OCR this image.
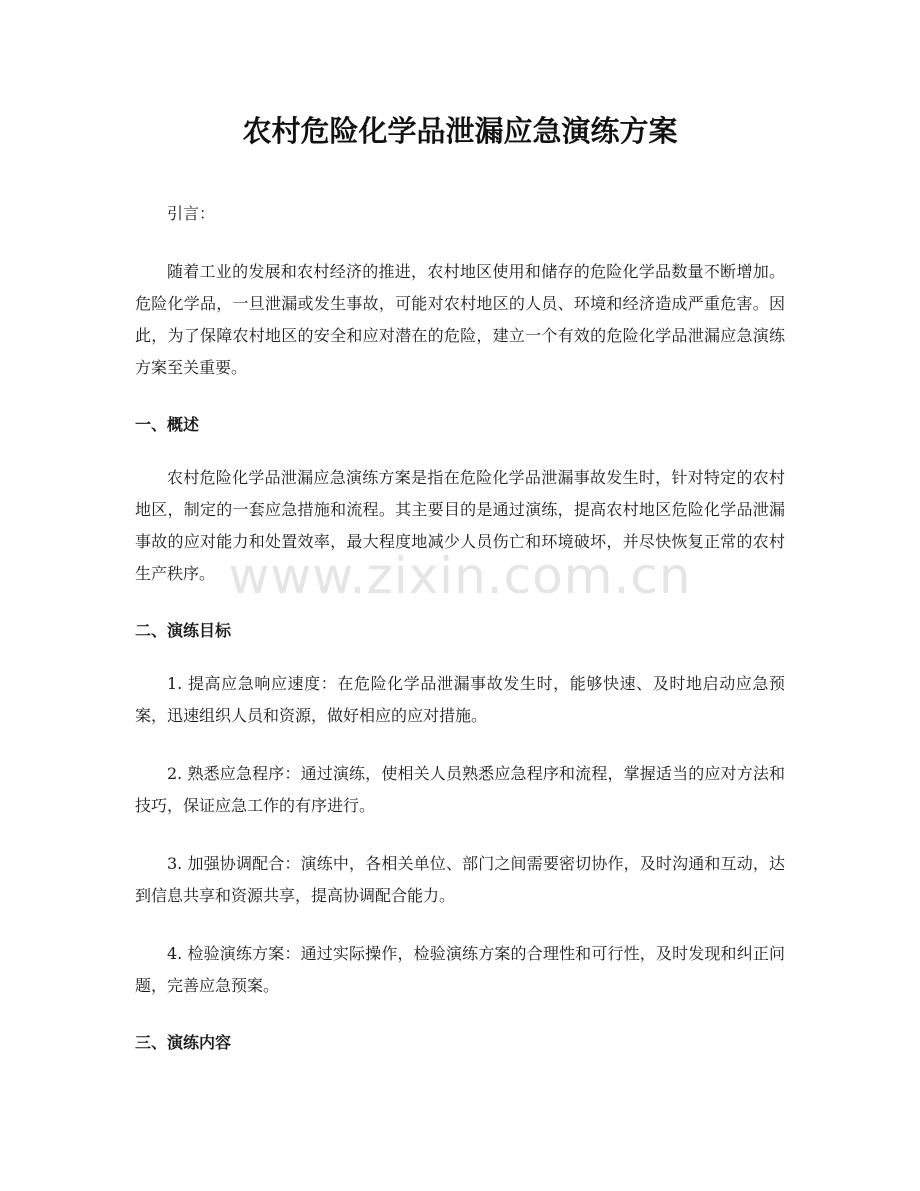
农村危险化学品泄漏应急演练方案

引言：

随着工业的发展和农村经济的推进，农村地区使用和储存的危险化学品数量不断增加。危险化学品，一旦泄漏或发生事故，可能对农村地区的人员、环境和经济造成严重危害。因此，为了保障农村地区的安全和应对潜在的危险，建立一个有效的危险化学品泄漏应急演练方案至关重要。

一、概述

农村危险化学品泄漏应急演练方案是指在危险化学品泄漏事故发生时，针对特定的农村地区，制定的一套应急措施和流程。其主要目的是通过演练，提高农村地区危险化学品泄漏事故的应对能力和处置效率，最大程度地减少人员伤亡和环境破坏，并尽快恢复正常的农村生产秩序。

二、演练目标
1. 提高应急响应速度：在危险化学品泄漏事故发生时，能够快速、及时地启动应急预案，迅速组织人员和资源，做好相应的应对措施。
2. 熟悉应急程序：通过演练，使相关人员熟悉应急程序和流程，掌握适当的应对方法和技巧，保证应急工作的有序进行。
3. 加强协调配合：演练中，各相关单位、部门之间需要密切协作，及时沟通和互动，达到信息共享和资源共享，提高协调配合能力。
4. 检验演练方案：通过实际操作，检验演练方案的合理性和可行性，及时发现和纠正问题，完善应急预案。
三、演练内容
www.zixin.com.cn
